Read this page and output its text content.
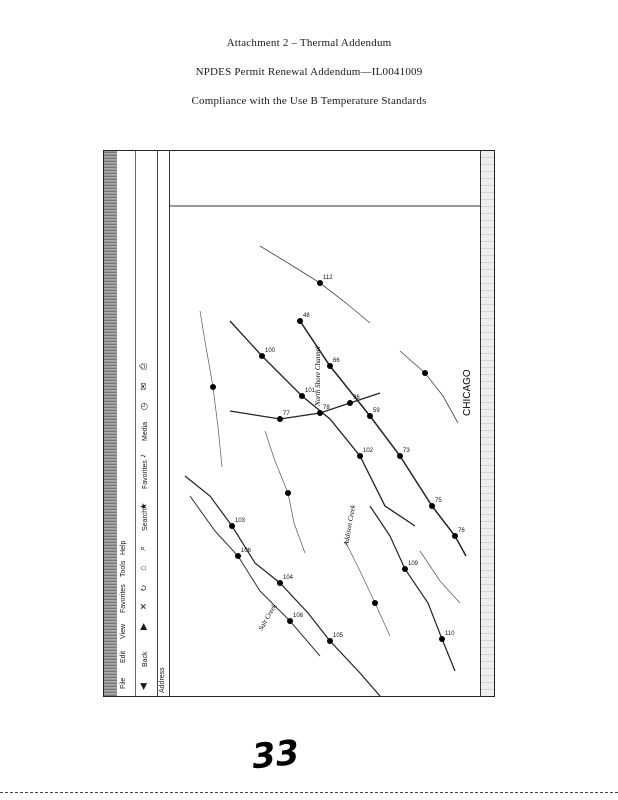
Attachment 2 – Thermal Addendum
NPDES Permit Renewal Addendum—IL0041009
Compliance with the Use B Temperature Standards
File
Edit
View
Favorites
Tools
Help
◀
Back
▶
✕
↻
⌂
⌕
Search
★
Favorites
♪
Media
◷
✉
⎙
Address
48
66
59
73
75
76
77
78
96
100
101
102
103
104
105
106
108
109
110
112
North Shore Channel
Addison Creek
Salt Creek
CHICAGO
33
